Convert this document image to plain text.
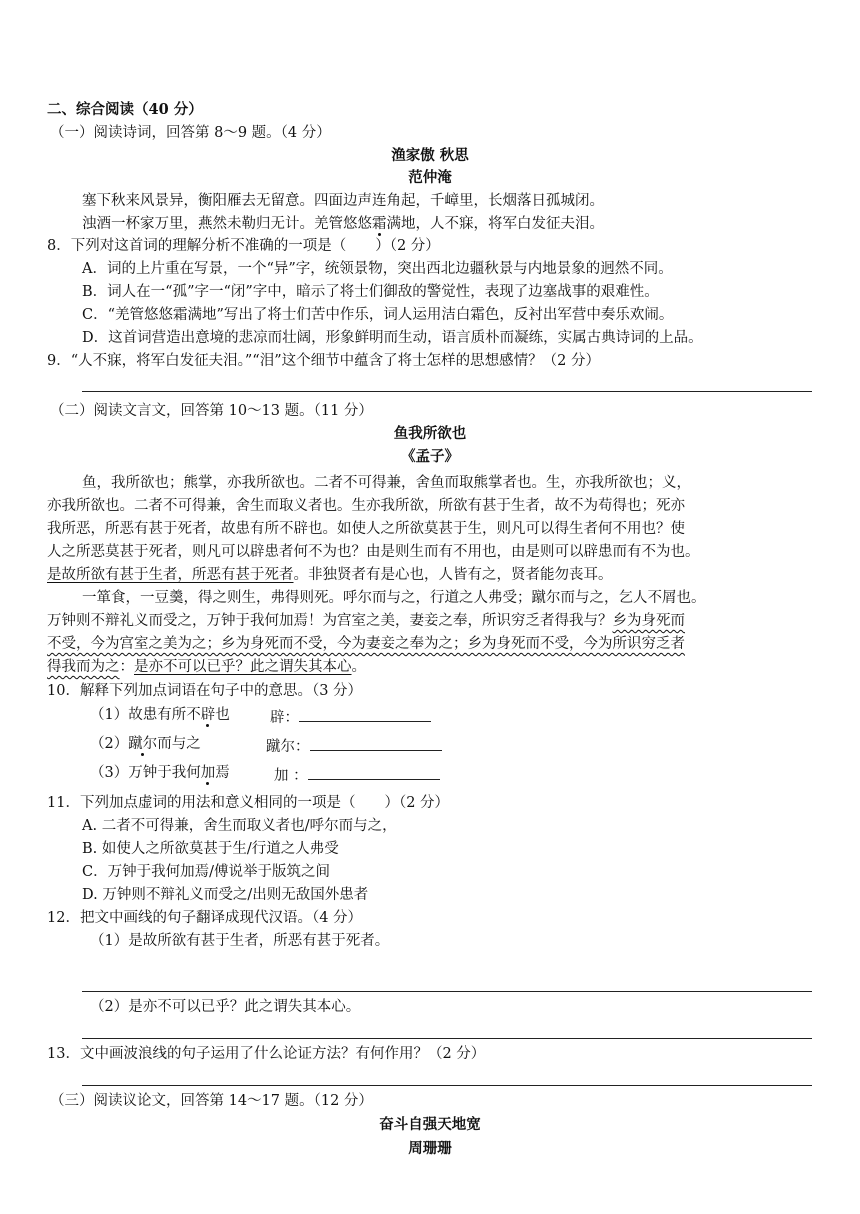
二、综合阅读（40 分）
（一）阅读诗词，回答第 8～9 题。（4 分）
渔家傲 秋思
范仲淹
塞下秋来风景异，衡阳雁去无留意。四面边声连角起，千嶂里，长烟落日孤城闭。
浊酒一杯家万里，燕然未勒归无计。羌管悠悠霜满地，人不寐，将军白发征夫泪。
8．下列对这首词的理解分析不准确的一项是（　　）（2 分）
A．词的上片重在写景，一个“异”字，统领景物，突出西北边疆秋景与内地景象的迥然不同。
B．词人在一“孤”字一“闭”字中，暗示了将士们御敌的警觉性，表现了边塞战事的艰难性。
C．“羌管悠悠霜满地”写出了将士们苦中作乐，词人运用洁白霜色，反衬出军营中奏乐欢闹。
D．这首词营造出意境的悲凉而壮阔，形象鲜明而生动，语言质朴而凝练，实属古典诗词的上品。
9．“人不寐，将军白发征夫泪。”“泪”这个细节中蕴含了将士怎样的思想感情？（2 分）
（二）阅读文言文，回答第 10～13 题。（11 分）
鱼我所欲也
《孟子》
鱼，我所欲也；熊掌，亦我所欲也。二者不可得兼，舍鱼而取熊掌者也。生，亦我所欲也；义，
亦我所欲也。二者不可得兼，舍生而取义者也。生亦我所欲，所欲有甚于生者，故不为苟得也；死亦
我所恶，所恶有甚于死者，故患有所不辟也。如使人之所欲莫甚于生，则凡可以得生者何不用也？使
人之所恶莫甚于死者，则凡可以辟患者何不为也？由是则生而有不用也，由是则可以辟患而有不为也。
是故所欲有甚于生者，所恶有甚于死者。非独贤者有是心也，人皆有之，贤者能勿丧耳。
一箪食，一豆羹，得之则生，弗得则死。呼尔而与之，行道之人弗受；蹴尔而与之，乞人不屑也。
万钟则不辩礼义而受之，万钟于我何加焉！为宫室之美，妻妾之奉，所识穷乏者得我与？乡为身死而
不受，今为宫室之美为之；乡为身死而不受，今为妻妾之奉为之；乡为身死而不受，今为所识穷乏者
得我而为之：是亦不可以已乎？此之谓失其本心。
10．解释下列加点词语在句子中的意思。（3 分）
（1）故患有所不辟也	辟：
（2）蹴尔而与之	蹴尔：
（3）万钟于我何加焉	加 ：
11．下列加点虚词的用法和意义相同的一项是（　　）（2 分）
A. 二者不可得兼，舍生而取义者也/呼尔而与之，
B. 如使人之所欲莫甚于生/行道之人弗受
C．万钟于我何加焉/傅说举于版筑之间
D. 万钟则不辩礼义而受之/出则无敌国外患者
12．把文中画线的句子翻译成现代汉语。（4 分）
（1）是故所欲有甚于生者，所恶有甚于死者。
（2）是亦不可以已乎？此之谓失其本心。
13．文中画波浪线的句子运用了什么论证方法？有何作用？（2 分）
（三）阅读议论文，回答第 14～17 题。（12 分）
奋斗自强天地宽
周珊珊
